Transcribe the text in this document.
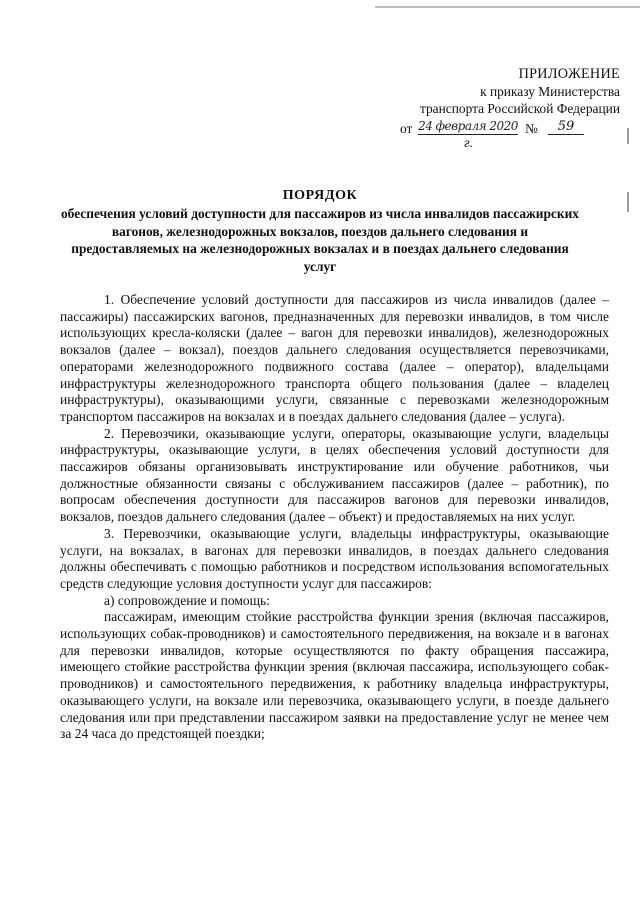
ПРИЛОЖЕНИЕ
к приказу Министерства
транспорта Российской Федерации
от 24 февраля 2020 г.
№	59
ПОРЯДОК
обеспечения условий доступности для пассажиров из числа инвалидов пассажирских вагонов, железнодорожных вокзалов, поездов дальнего следования и предоставляемых на железнодорожных вокзалах и в поездах дальнего следования услуг

1. Обеспечение условий доступности для пассажиров из числа инвалидов (далее – пассажиры) пассажирских вагонов, предназначенных для перевозки инвалидов, в том числе использующих кресла-коляски (далее – вагон для перевозки инвалидов), железнодорожных вокзалов (далее – вокзал), поездов дальнего следования осуществляется перевозчиками, операторами железнодорожного подвижного состава (далее – оператор), владельцами инфраструктуры железнодорожного транспорта общего пользования (далее – владелец инфраструктуры), оказывающими услуги, связанные с перевозками железнодорожным транспортом пассажиров на вокзалах и в поездах дальнего следования (далее – услуга).

2. Перевозчики, оказывающие услуги, операторы, оказывающие услуги, владельцы инфраструктуры, оказывающие услуги, в целях обеспечения условий доступности для пассажиров обязаны организовывать инструктирование или обучение работников, чьи должностные обязанности связаны с обслуживанием пассажиров (далее – работник), по вопросам обеспечения доступности для пассажиров вагонов для перевозки инвалидов, вокзалов, поездов дальнего следования (далее – объект) и предоставляемых на них услуг.

3. Перевозчики, оказывающие услуги, владельцы инфраструктуры, оказывающие услуги, на вокзалах, в вагонах для перевозки инвалидов, в поездах дальнего следования должны обеспечивать с помощью работников и посредством использования вспомогательных средств следующие условия доступности услуг для пассажиров:

а) сопровождение и помощь:

пассажирам, имеющим стойкие расстройства функции зрения (включая пассажиров, использующих собак-проводников) и самостоятельного передвижения, на вокзале и в вагонах для перевозки инвалидов, которые осуществляются по факту обращения пассажира, имеющего стойкие расстройства функции зрения (включая пассажира, использующего собак-проводников) и самостоятельного передвижения, к работнику владельца инфраструктуры, оказывающего услуги, на вокзале или перевозчика, оказывающего услуги, в поезде дальнего следования или при представлении пассажиром заявки на предоставление услуг не менее чем за 24 часа до предстоящей поездки;
